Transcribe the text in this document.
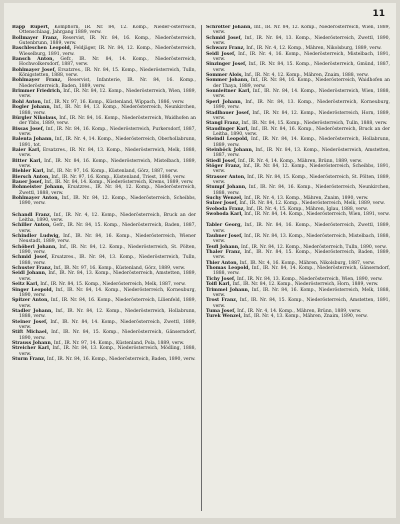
11

Bapp Rupert, Kompflorn, IR. Nr. 84, 12. Komp., Nieder-österreich, Ottenschlaag, Jahrgang 1889, verw.

Bollmayer Franz, Reservist, IR. Nr. 84, 16. Komp., Niederösterreich, Gutenbrunn, 1889, verw.

Baschleschen Leopold, Feldjäger, IR. Nr. 84, 12. Komp., Niederösterreich, Wieselburg, 1891, verw.

Bansch Anton, Gefr., IR. Nr. 84, 14. Komp., Niederösterreich, Hochwolkersdorf, 1887, verw.

Bohlmayer Josef, Ersatzres., IR. Nr. 84, 15. Komp., Niederösterreich, Tulln, Königstetten, 1888, verw.

Bohlmayer Franz, Reservist, Infanterie, IR. Nr. 84, 16. Komp., Niederösterreich, Baden, 1889, verw.

Brimmer Friedrich, Inf., IR. Nr. 84, 12. Komp., Niederösterreich, Wien, 1889, verw.

Bohl Anton, Inf., IR. Nr. 97, 16. Komp., Küstenland, Wippach, 1886, verw.

Bogler Johann, Inf., IR. Nr. 84, 13. Komp., Niederösterreich, Neunkirchen, 1888, verw.

Bürgler Nikolaus, Inf., IR. Nr. 84, 16. Komp., Niederösterreich, Waidhofen an der Ybbs, 1889, verw.

Bissas Josef, Inf., IR. Nr. 84, 16. Komp., Niederösterreich, Purkersdorf, 1887, verw.

Balenta Johann, Inf., IR. Nr. 4, 14. Komp., Niederösterreich, Oberhollabrunn, 1891, tot.

Baier Karl, Ersatzres., IR. Nr. 84, 13. Komp., Niederösterreich, Melk, 1888, verw.

Bitter Karl, Inf., IR. Nr. 84, 16. Komp., Niederösterreich, Mistelbach, 1889, verw.

Biehler Karl, Inf., IR. Nr. 97, 16. Komp., Küstenland, Görz, 1887, verw.

Biersch Anton, Inf., IR. Nr. 97, 16. Komp., Küstenland, Triest, 1886, verw.

Bauer Josef, Inf., IR. Nr. 84, 14. Komp., Niederösterreich, Krems, 1889, verw.

Bohmeister Johann, Ersatzres., IR. Nr. 84, 12. Komp., Niederösterreich, Zwettl, 1888, verw.

Bohlmayer Anton, Inf., IR. Nr. 84, 12. Komp., Niederösterreich, Scheibbs, 1890, verw.

Schandl Franz, Inf., IR. Nr. 4, 12. Komp., Niederösterreich, Bruck an der Leitha, 1890, verw.

Schiller Anton, Gefr., IR. Nr. 84, 15. Komp., Niederösterreich, Baden, 1887, verw.

Schindler Ludwig, Inf., IR. Nr. 84, 16. Komp., Niederösterreich, Wiener Neustadt, 1889, verw.

Schöberl Johann, Inf., IR. Nr. 84, 12. Komp., Niederösterreich, St. Pölten, 1890, verw.

Schmid Josef, Ersatzres., IR. Nr. 84, 13. Komp., Niederösterreich, Tulln, 1888, verw.

Schuster Franz, Inf., IR. Nr. 97, 16. Komp., Küstenland, Görz, 1889, verw.

Seidl Johann, Inf., IR. Nr. 84, 13. Komp., Niederösterreich, Amstetten, 1889, verw.

Seitz Karl, Inf., IR. Nr. 84, 15. Komp., Niederösterreich, Melk, 1887, verw.

Singer Leopold, Inf., IR. Nr. 84, 14. Komp., Niederösterreich, Korneuburg, 1890, verw.

Spitzer Anton, Inf., IR. Nr. 84, 16. Komp., Niederösterreich, Lilienfeld, 1889, verw.

Stadler Johann, Inf., IR. Nr. 84, 12. Komp., Niederösterreich, Hollabrunn, 1888, verw.

Steiner Josef, Inf., IR. Nr. 84, 14. Komp., Niederösterreich, Zwettl, 1889, verw.

Stift Michael, Inf., IR. Nr. 84, 15. Komp., Niederösterreich, Gänserndorf, 1890, verw.

Strauss Johann, Inf., IR. Nr. 97, 14. Komp., Küstenland, Pola, 1889, verw.

Streicher Karl, Inf., IR. Nr. 84, 13. Komp., Niederösterreich, Mödling, 1888, verw.

Sturm Franz, Inf., IR. Nr. 84, 16. Komp., Niederösterreich, Baden, 1890, verw.

Schrötter Johann, Inf., IR. Nr. 84, 12. Komp., Niederösterreich, Wien, 1889, verw.

Schmid Josef, Inf., IR. Nr. 84, 13. Komp., Niederösterreich, Zwettl, 1890, verw.

Schwarz Franz, Inf., IR. Nr. 4, 12. Komp., Mähren, Nikolsburg, 1889, verw.

Seidl Josef, Inf., IR. Nr. 4, 16. Komp., Niederösterreich, Mistelbach, 1891, verw.

Sinzinger Josef, Inf., IR. Nr. 84, 15. Komp., Niederösterreich, Gmünd, 1887, verw.

Sommer Alois, Inf., IR. Nr. 4, 12. Komp., Mähren, Znaim, 1888, verw.

Sommer Johann, Inf., IR. Nr. 84, 16. Komp., Niederösterreich, Waidhofen an der Thaya, 1889, verw.

Sonnleitner Karl, Inf., IR. Nr. 84, 14. Komp., Niederösterreich, Wien, 1888, verw.

Sperl Johann, Inf., IR. Nr. 84, 13. Komp., Niederösterreich, Korneuburg, 1890, verw.

Stadlbauer Josef, Inf., IR. Nr. 84, 12. Komp., Niederösterreich, Horn, 1889, verw.

Stangl Franz, Inf., IR. Nr. 84, 15. Komp., Niederösterreich, Tulln, 1888, verw.

Staudinger Karl, Inf., IR. Nr. 84, 16. Komp., Niederösterreich, Bruck an der Leitha, 1890, verw.

Steindl Leopold, Inf., IR. Nr. 84, 14. Komp., Niederösterreich, Hollabrunn, 1889, verw.

Steinböck Johann, Inf., IR. Nr. 84, 13. Komp., Niederösterreich, Amstetten, 1887, verw.

Stiedl Josef, Inf., IR. Nr. 4, 14. Komp., Mähren, Brünn, 1889, verw.

Stöger Franz, Inf., IR. Nr. 84, 12. Komp., Niederösterreich, Scheibbs, 1891, verw.

Strasser Anton, Inf., IR. Nr. 84, 15. Komp., Niederösterreich, St. Pölten, 1889, verw.

Stumpf Johann, Inf., IR. Nr. 84, 16. Komp., Niederösterreich, Neunkirchen, 1888, verw.

Suchy Wenzel, Inf., IR. Nr. 4, 13. Komp., Mähren, Znaim, 1890, verw.

Sulzer Josef, Inf., IR. Nr. 84, 12. Komp., Niederösterreich, Melk, 1889, verw.

Svoboda Franz, Inf., IR. Nr. 4, 15. Komp., Mähren, Iglau, 1888, verw.

Swoboda Karl, Inf., IR. Nr. 84, 14. Komp., Niederösterreich, Wien, 1891, verw.

Tabler Georg, Inf., IR. Nr. 84, 16. Komp., Niederösterreich, Zwettl, 1889, verw.

Taubner Josef, Inf., IR. Nr. 84, 13. Komp., Niederösterreich, Mistelbach, 1888, verw.

Teufl Johann, Inf., IR. Nr. 84, 12. Komp., Niederösterreich, Tulln, 1890, verw.

Thaler Franz, Inf., IR. Nr. 84, 15. Komp., Niederösterreich, Baden, 1889, verw.

Thier Anton, Inf., IR. Nr. 4, 16. Komp., Mähren, Nikolsburg, 1887, verw.

Thomas Leopold, Inf., IR. Nr. 84, 14. Komp., Niederösterreich, Gänserndorf, 1888, verw.

Tichy Josef, Inf., IR. Nr. 84, 13. Komp., Niederösterreich, Wien, 1890, verw.

Toifl Karl, Inf., IR. Nr. 84, 12. Komp., Niederösterreich, Horn, 1889, verw.

Trimmel Johann, Inf., IR. Nr. 84, 16. Komp., Niederösterreich, Melk, 1888, verw.

Trost Franz, Inf., IR. Nr. 84, 15. Komp., Niederösterreich, Amstetten, 1891, verw.

Tuma Josef, Inf., IR. Nr. 4, 14. Komp., Mähren, Brünn, 1889, verw.

Turek Wenzel, Inf., IR. Nr. 4, 13. Komp., Mähren, Znaim, 1890, verw.
